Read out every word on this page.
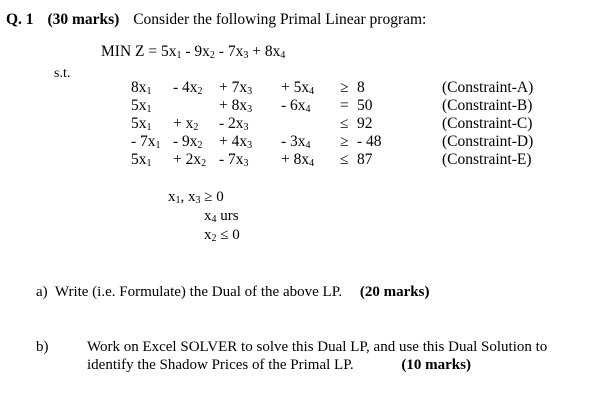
Q. 1 (30 marks) Consider the following Primal Linear program:
MIN $Z = 5x_1 - 9x_2 - 7x_3 + 8x_4$
s.t.
$8x_1 - 4x_2 + 7x_3 + 5x_4 \ge 8$	(Constraint-A)
$5x_1$	+ $8x_3 - 6x_4 = 50$	(Constraint-B)
$5x_1 + x_2 - 2x_3$	≤ 92	(Constraint-C)
- $7x_1 - 9x_2 + 4x_3 - 3x_4$ ≥ - 48	(Constraint-D)
$5x_1 + 2x_2 - 7x_3 + 8x_4 \le 87$	(Constraint-E)
$x_1$, $x_3 \ge 0$
$x_4$ urs
$x_2 \le 0$
a) Write (i.e. Formulate) the Dual of the above LP. (20 marks)
b)	Work on Excel SOLVER to solve this Dual LP, and use this Dual Solution to identify the Shadow Prices of the Primal LP.	(10 marks)
